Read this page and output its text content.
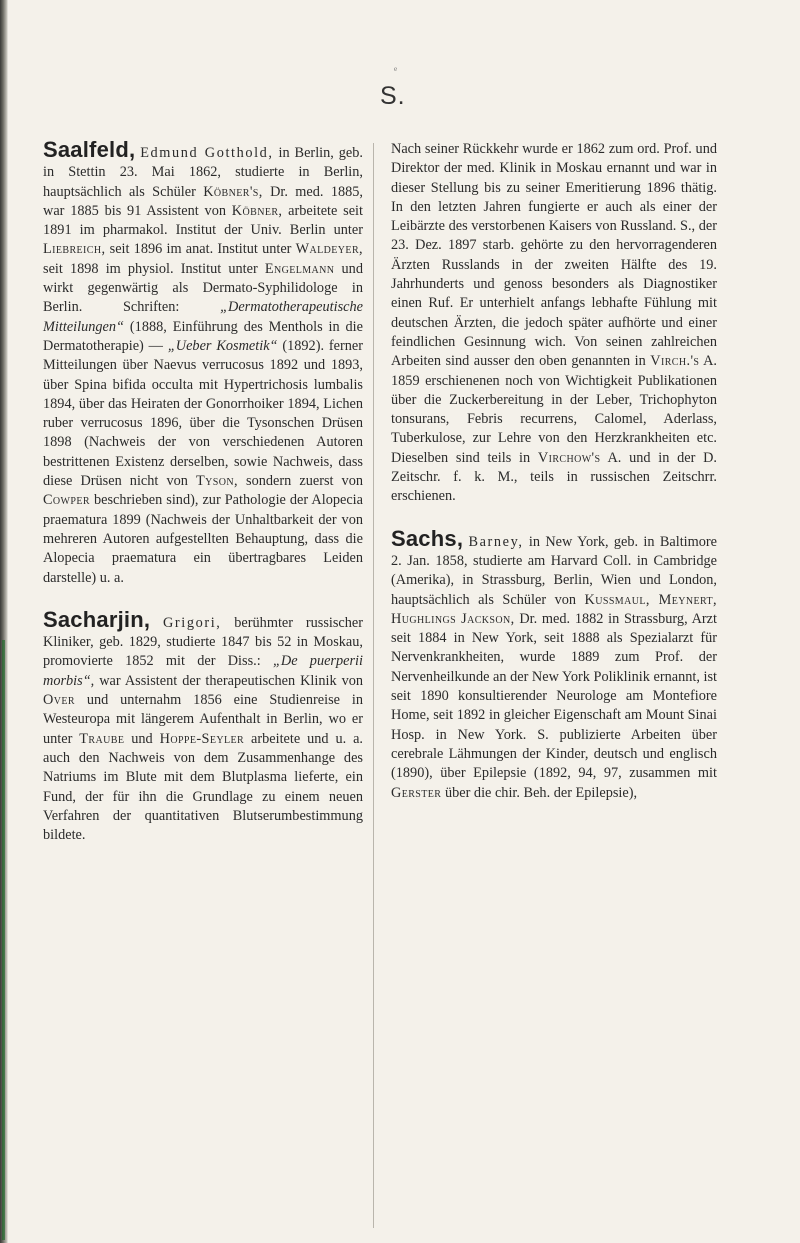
e
S.

Saalfeld, Edmund Gotthold, in Berlin, geb. in Stettin 23. Mai 1862, studierte in Berlin, hauptsächlich als Schüler Köbner's, Dr. med. 1885, war 1885 bis 91 Assistent von Köbner, arbeitete seit 1891 im pharmakol. Institut der Univ. Berlin unter Liebreich, seit 1896 im anat. Institut unter Waldeyer, seit 1898 im physiol. Institut unter Engelmann und wirkt gegenwärtig als Dermato-Syphilidologe in Berlin. Schriften:	„Dermatotherapeutische Mitteilungen“ (1888, Einführung des Menthols in die Dermatotherapie) — „Ueber Kosmetik“ (1892). ferner Mitteilungen über Naevus verrucosus 1892 und 1893, über Spina bifida occulta mit Hypertrichosis lumbalis 1894, über das Heiraten der Gonorrhoiker 1894, Lichen ruber verrucosus 1896, über die Tysonschen Drüsen 1898 (Nachweis der von verschiedenen Autoren bestrittenen Existenz derselben, sowie Nachweis, dass diese Drüsen nicht von Tyson, sondern zuerst von Cowper beschrieben sind), zur Pathologie der Alopecia praematura 1899 (Nachweis der Unhaltbarkeit der von mehreren Autoren aufgestellten Behauptung, dass die Alopecia praematura ein übertragbares Leiden darstelle) u. a.

Sacharjin, Grigori, berühmter russischer Kliniker, geb. 1829, studierte 1847 bis 52 in Moskau, promovierte 1852 mit der Diss.: „De puerperii morbis“, war Assistent der therapeutischen Klinik von Over und unternahm 1856 eine Studienreise in Westeuropa mit längerem Aufenthalt in Berlin, wo er unter Traube und Hoppe-Seyler arbeitete und u. a. auch den Nachweis von dem Zusammenhange des Natriums im Blute mit dem Blutplasma lieferte, ein Fund, der für ihn die Grundlage zu einem neuen Verfahren der quantitativen Blutserumbestimmung bildete.

Nach seiner Rückkehr wurde er 1862 zum ord. Prof. und Direktor der med. Klinik in Moskau ernannt und war in dieser Stellung bis zu seiner Emeritierung 1896 thätig. In den letzten Jahren fungierte er auch als einer der Leibärzte des verstorbenen Kaisers von Russland. S., der 23. Dez. 1897 starb. gehörte zu den hervorragenderen Ärzten Russlands in der zweiten Hälfte des 19. Jahrhunderts und genoss besonders als Diagnostiker einen Ruf. Er unterhielt anfangs lebhafte Fühlung mit deutschen Ärzten, die jedoch später aufhörte und einer feindlichen Gesinnung wich. Von seinen zahlreichen Arbeiten sind ausser den oben genannten in Virch.'s A. 1859 erschienenen noch von Wichtigkeit Publikationen über die Zuckerbereitung in der Leber, Trichophyton tonsurans, Febris recurrens, Calomel, Aderlass, Tuberkulose, zur Lehre von den Herzkrankheiten etc. Dieselben sind teils in Virchow's A. und in der D. Zeitschr. f. k. M., teils in russischen Zeitschrr. erschienen.

Sachs, Barney, in New York, geb. in Baltimore 2. Jan. 1858, studierte am Harvard Coll. in Cambridge (Amerika), in Strassburg, Berlin, Wien und London, hauptsächlich als Schüler von Kussmaul, Meynert, Hughlings Jackson, Dr. med. 1882 in Strassburg, Arzt seit 1884 in New York, seit 1888 als Spezialarzt für Nervenkrankheiten, wurde 1889 zum Prof. der Nervenheilkunde an der New York Poliklinik ernannt, ist seit 1890 konsultierender Neurologe am Montefiore Home, seit 1892 in gleicher Eigenschaft am Mount Sinai Hosp. in New York. S. publizierte Arbeiten über cerebrale Lähmungen der Kinder, deutsch und englisch (1890), über Epilepsie (1892, 94, 97, zusammen mit Gerster über die chir. Beh. der Epilepsie),
